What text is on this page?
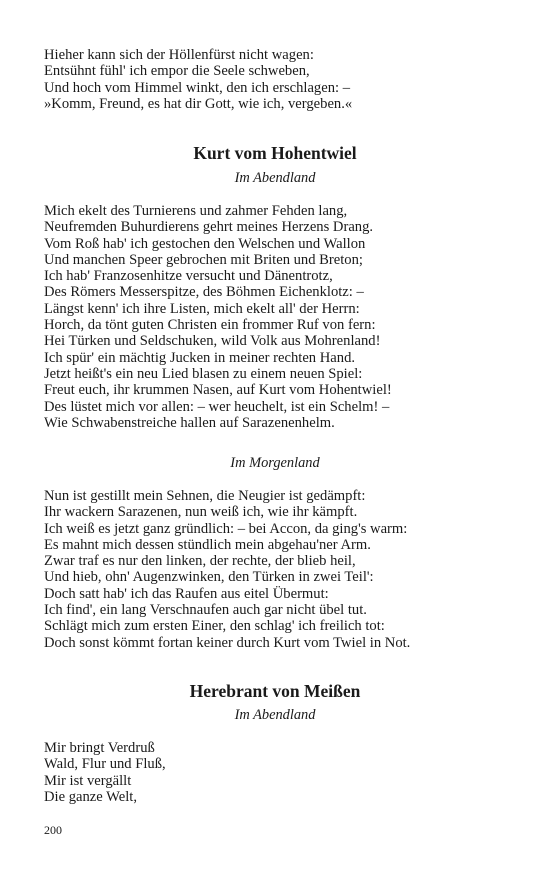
Hieher kann sich der Höllenfürst nicht wagen:
Entsühnt fühl' ich empor die Seele schweben,
Und hoch vom Himmel winkt, den ich erschlagen: –
»Komm, Freund, es hat dir Gott, wie ich, vergeben.«
Kurt vom Hohentwiel
Im Abendland
Mich ekelt des Turnierens und zahmer Fehden lang,
Neufremden Buhurdierens gehrt meines Herzens Drang.
Vom Roß hab' ich gestochen den Welschen und Wallon
Und manchen Speer gebrochen mit Briten und Breton;
Ich hab' Franzosenhitze versucht und Dänentrotz,
Des Römers Messerspitze, des Böhmen Eichenklotz: –
Längst kenn' ich ihre Listen, mich ekelt all' der Herrn:
Horch, da tönt guten Christen ein frommer Ruf von fern:
Hei Türken und Seldschuken, wild Volk aus Mohrenland!
Ich spür' ein mächtig Jucken in meiner rechten Hand.
Jetzt heißt's ein neu Lied blasen zu einem neuen Spiel:
Freut euch, ihr krummen Nasen, auf Kurt vom Hohentwiel!
Des lüstet mich vor allen: – wer heuchelt, ist ein Schelm! –
Wie Schwabenstreiche hallen auf Sarazenenhelm.
Im Morgenland
Nun ist gestillt mein Sehnen, die Neugier ist gedämpft:
Ihr wackern Sarazenen, nun weiß ich, wie ihr kämpft.
Ich weiß es jetzt ganz gründlich: – bei Accon, da ging's warm:
Es mahnt mich dessen stündlich mein abgehau'ner Arm.
Zwar traf es nur den linken, der rechte, der blieb heil,
Und hieb, ohn' Augenzwinken, den Türken in zwei Teil':
Doch satt hab' ich das Raufen aus eitel Übermut:
Ich find', ein lang Verschnaufen auch gar nicht übel tut.
Schlägt mich zum ersten Einer, den schlag' ich freilich tot:
Doch sonst kömmt fortan keiner durch Kurt vom Twiel in Not.
Herebrant von Meißen
Im Abendland
Mir bringt Verdruß
Wald, Flur und Fluß,
Mir ist vergällt
Die ganze Welt,
200
